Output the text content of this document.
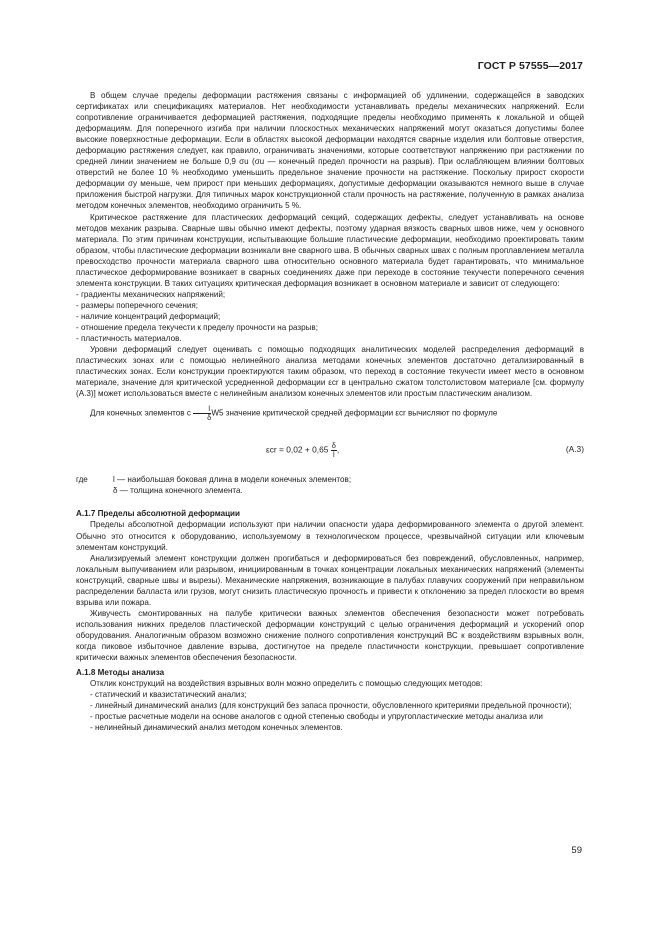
ГОСТ Р 57555—2017

В общем случае пределы деформации растяжения связаны с информацией об удлинении, содержащейся в заводских сертификатах или спецификациях материалов. Нет необходимости устанавливать пределы механических напряжений. Если сопротивление ограничивается деформацией растяжения, подходящие пределы необходимо применять к локальной и общей деформациям. Для поперечного изгиба при наличии плоскостных механических напряжений могут оказаться допустимы более высокие поверхностные деформации. Если в областях высокой деформации находятся сварные изделия или болтовые отверстия, деформацию растяжения следует, как правило, ограничивать значениями, которые соответствуют напряжению при растяжении по средней линии значением не больше 0,9 σu (σu — конечный предел прочности на разрыв). При ослабляющем влиянии болтовых отверстий не более 10 % необходимо уменьшить предельное значение прочности на растяжение. Поскольку прирост скорости деформации σy меньше, чем прирост при меньших деформациях, допустимые деформации оказываются немного выше в случае приложения быстрой нагрузки. Для типичных марок конструкционной стали прочность на растяжение, полученную в рамках анализа методом конечных элементов, необходимо ограничить 5 %.

Критическое растяжение для пластических деформаций секций, содержащих дефекты, следует устанавливать на основе методов механик разрыва. Сварные швы обычно имеют дефекты, поэтому ударная вязкость сварных швов ниже, чем у основного материала. По этим причинам конструкции, испытывающие большие пластические деформации, необходимо проектировать таким образом, чтобы пластические деформации возникали вне сварного шва. В обычных сварных швах с полным проплавлением металла превосходство прочности материала сварного шва относительно основного материала будет гарантировать, что минимальное пластическое деформирование возникает в сварных соединениях даже при переходе в состояние текучести поперечного сечения элемента конструкции. В таких ситуациях критическая деформация возникает в основном материале и зависит от следующего:

- градиенты механических напряжений;
- размеры поперечного сечения;
- наличие концентраций деформаций;
- отношение предела текучести к пределу прочности на разрыв;
- пластичность материалов.

Уровни деформаций следует оценивать с помощью подходящих аналитических моделей распределения деформаций в пластических зонах или с помощью нелинейного анализа методами конечных элементов достаточно детализированный в пластических зонах. Если конструкции проектируются таким образом, что переход в состояние текучести имеет место в основном материале, значение для критической усредненной деформации εcr в центрально сжатом толстолистовом материале [см. формулу (А.3)] может использоваться вместе с нелинейным анализом конечных элементов или простым пластическим анализом.

Для конечных элементов с $\frac{l}{\delta} W5$ значение критической средней деформации εcr вычисляют по формуле

$\varepsilon cr = 0,02 + 0,65 \frac{\delta}{l}$ ,	(А.3)
где	l — наибольшая боковая длина в модели конечных элементов;
δ — толщина конечного элемента.

А.1.7 Пределы абсолютной деформации

Пределы абсолютной деформации используют при наличии опасности удара деформированного элемента о другой элемент. Обычно это относится к оборудованию, используемому в технологическом процессе, чрезвычайной ситуации или ключевым элементам конструкций.

Анализируемый элемент конструкции должен прогибаться и деформироваться без повреждений, обусловленных, например, локальным выпучиванием или разрывом, инициированным в точках концентрации локальных механических напряжений (элементы конструкций, сварные швы и вырезы). Механические напряжения, возникающие в палубах плавучих сооружений при неправильном распределении балласта или грузов, могут снизить пластическую прочность и привести к отклонению за предел плоскости во время взрыва или пожара.

Живучесть смонтированных на палубе критически важных элементов обеспечения безопасности может потребовать использования нижних пределов пластической деформации конструкций с целью ограничения деформаций и ускорений опор оборудования. Аналогичным образом возможно снижение полного сопротивления конструкций ВС к воздействиям взрывных волн, когда пиковое избыточное давление взрыва, достигнутое на пределе пластичности конструкции, превышает сопротивление критически важных элементов обеспечения безопасности.

А.1.8 Методы анализа

Отклик конструкций на воздействия взрывных волн можно определить с помощью следующих методов:

- статический и квазистатический анализ;

- линейный динамический анализ (для конструкций без запаса прочности, обусловленного критериями предельной прочности);

- простые расчетные модели на основе аналогов с одной степенью свободы и упругопластические методы анализа или

- нелинейный динамический анализ методом конечных элементов.

59
